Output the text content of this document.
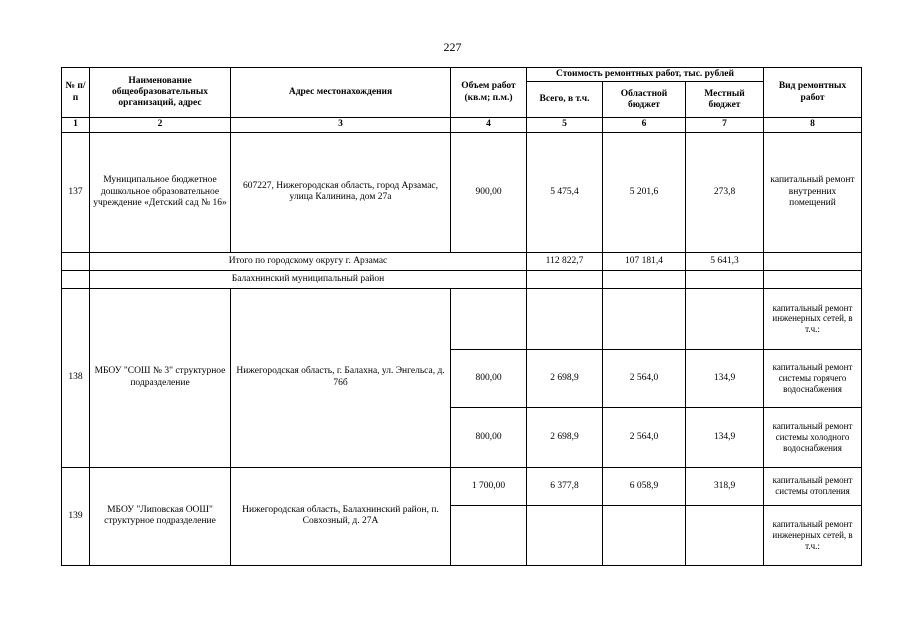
227
№ п/п	Наименование общеобразовательных организаций, адрес	Адрес местонахождения	Объем работ (кв.м; п.м.)	Стоимость ремонтных работ, тыс. рублей			Вид ремонтных работ
				Всего, в т.ч.	Областной бюджет	Местный бюджет	
1	2	3	4	5	6	7	8
137	Муниципальное бюджетное дошкольное образовательное учреждение «Детский сад № 16»	607227, Нижегородская область, город Арзамас, улица Калинина, дом 27а	900,00	5 475,4	5 201,6	273,8	капитальный ремонт внутренних помещений
	Итого по городскому округу г. Арзамас			112 822,7	107 181,4	5 641,3	
	Балахнинский муниципальный район						
138	МБОУ "СОШ № 3" структурное подразделение	Нижегородская область, г. Балахна, ул. Энгельса, д. 76б					капитальный ремонт инженерных сетей, в т.ч.:
			800,00	2 698,9	2 564,0	134,9	капитальный ремонт системы горячего водоснабжения
			800,00	2 698,9	2 564,0	134,9	капитальный ремонт системы холодного водоснабжения
139	МБОУ "Липовская ООШ" структурное подразделение	Нижегородская область, Балахнинский район, п. Совхозный, д. 27А	1 700,00	6 377,8	6 058,9	318,9	капитальный ремонт системы отопления
							капитальный ремонт инженерных сетей, в т.ч.:
